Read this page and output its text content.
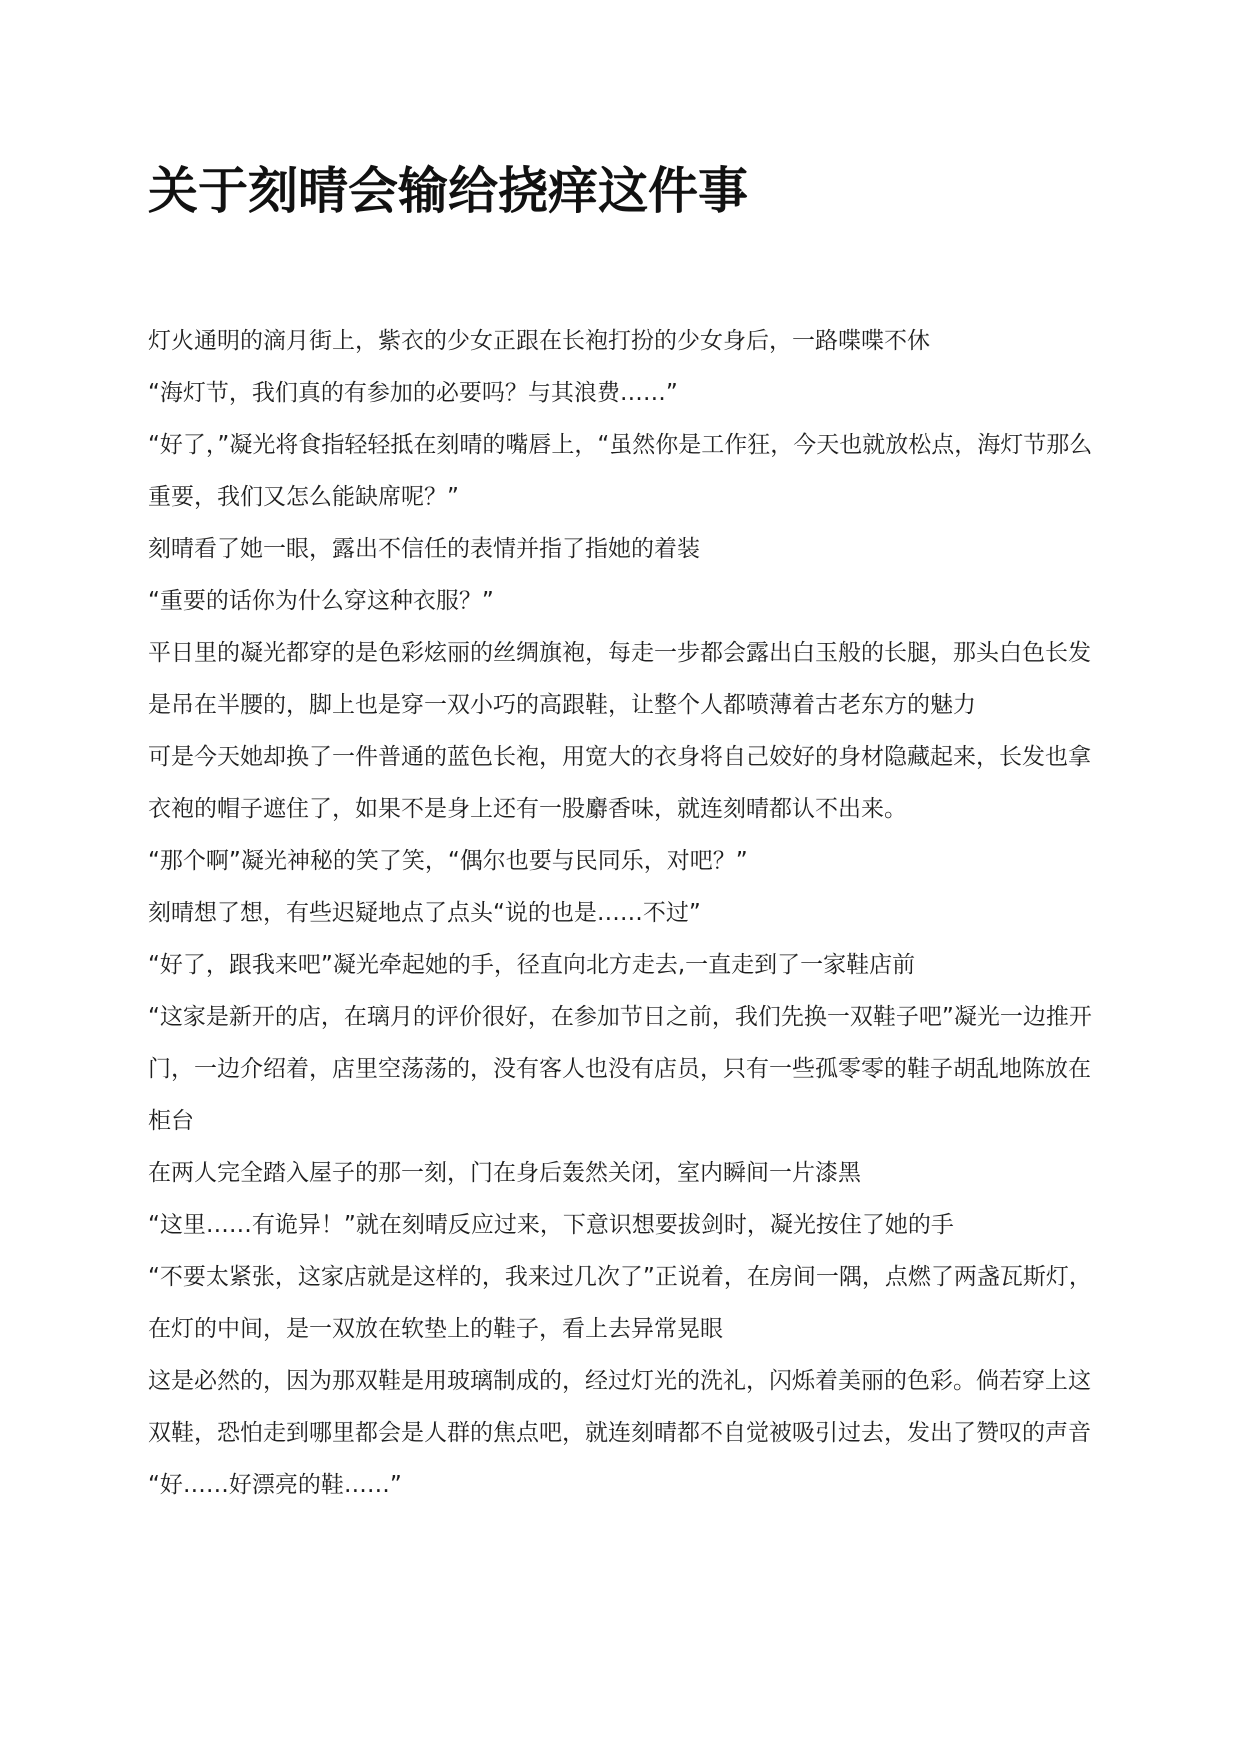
关于刻晴会输给挠痒这件事

灯火通明的滴月街上，紫衣的少女正跟在长袍打扮的少女身后，一路喋喋不休

“海灯节，我们真的有参加的必要吗？与其浪费……”

“好了，”凝光将食指轻轻抵在刻晴的嘴唇上，“虽然你是工作狂，今天也就放松点，海灯节那么重要，我们又怎么能缺席呢？”

刻晴看了她一眼，露出不信任的表情并指了指她的着装

“重要的话你为什么穿这种衣服？”

平日里的凝光都穿的是色彩炫丽的丝绸旗袍，每走一步都会露出白玉般的长腿，那头白色长发是吊在半腰的，脚上也是穿一双小巧的高跟鞋，让整个人都喷薄着古老东方的魅力

可是今天她却换了一件普通的蓝色长袍，用宽大的衣身将自己姣好的身材隐藏起来，长发也拿衣袍的帽子遮住了，如果不是身上还有一股麝香味，就连刻晴都认不出来。

“那个啊”凝光神秘的笑了笑，“偶尔也要与民同乐，对吧？”

刻晴想了想，有些迟疑地点了点头“说的也是……不过”

“好了，跟我来吧”凝光牵起她的手，径直向北方走去,一直走到了一家鞋店前

“这家是新开的店，在璃月的评价很好，在参加节日之前，我们先换一双鞋子吧”凝光一边推开门，一边介绍着，店里空荡荡的，没有客人也没有店员，只有一些孤零零的鞋子胡乱地陈放在柜台

在两人完全踏入屋子的那一刻，门在身后轰然关闭，室内瞬间一片漆黑

“这里……有诡异！”就在刻晴反应过来，下意识想要拔剑时，凝光按住了她的手

“不要太紧张，这家店就是这样的，我来过几次了”正说着，在房间一隅，点燃了两盏瓦斯灯，在灯的中间，是一双放在软垫上的鞋子，看上去异常晃眼

这是必然的，因为那双鞋是用玻璃制成的，经过灯光的洗礼，闪烁着美丽的色彩。倘若穿上这双鞋，恐怕走到哪里都会是人群的焦点吧，就连刻晴都不自觉被吸引过去，发出了赞叹的声音

“好……好漂亮的鞋……”
